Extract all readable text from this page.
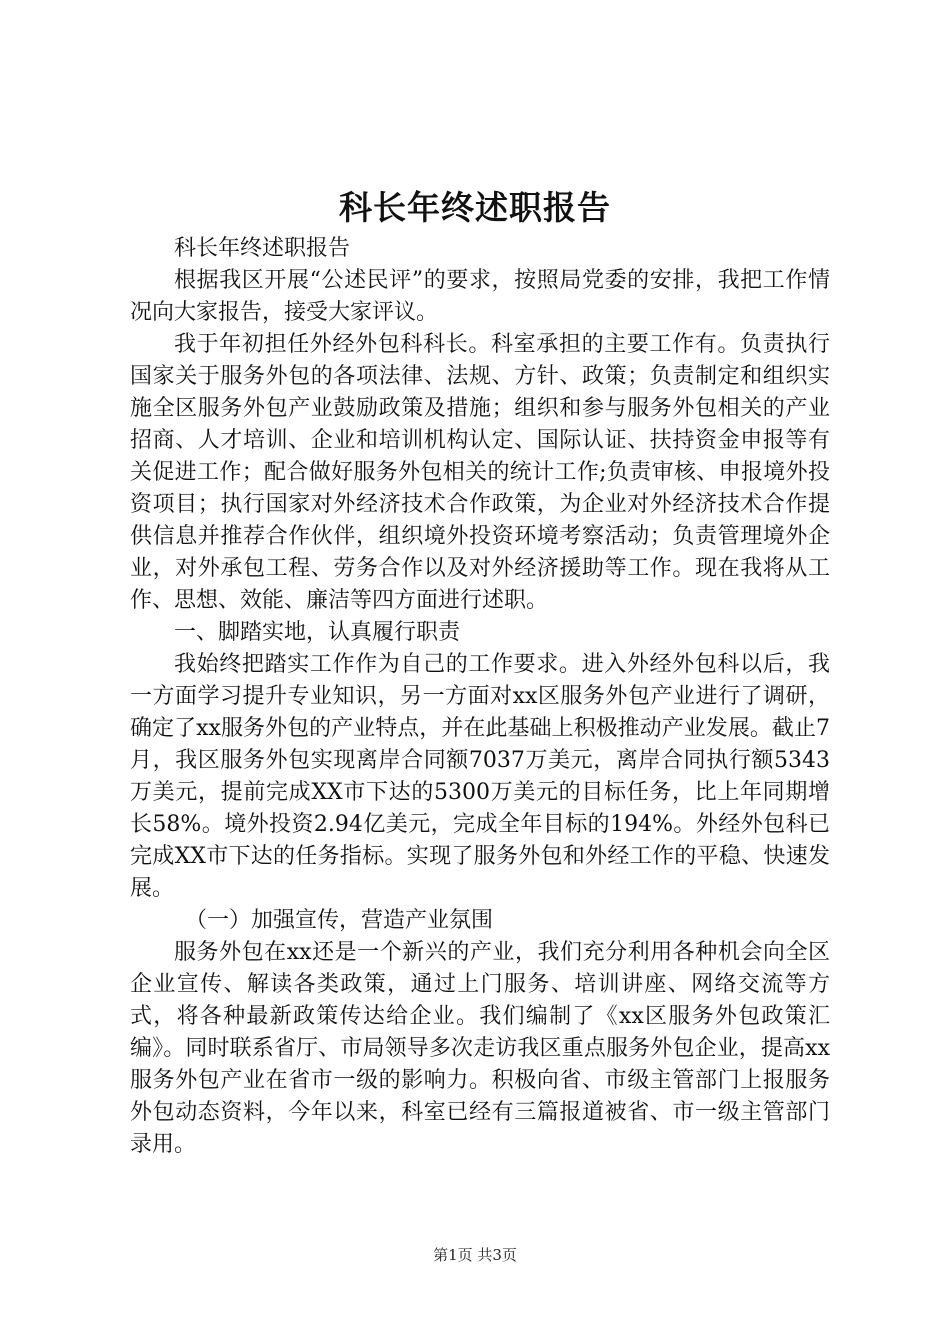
科长年终述职报告

科长年终述职报告

根据我区开展“公述民评”的要求，按照局党委的安排，我把工作情况向大家报告，接受大家评议。

我于年初担任外经外包科科长。科室承担的主要工作有。负责执行国家关于服务外包的各项法律、法规、方针、政策；负责制定和组织实施全区服务外包产业鼓励政策及措施；组织和参与服务外包相关的产业招商、人才培训、企业和培训机构认定、国际认证、扶持资金申报等有关促进工作；配合做好服务外包相关的统计工作;负责审核、申报境外投资项目；执行国家对外经济技术合作政策，为企业对外经济技术合作提供信息并推荐合作伙伴，组织境外投资环境考察活动；负责管理境外企业，对外承包工程、劳务合作以及对外经济援助等工作。现在我将从工作、思想、效能、廉洁等四方面进行述职。

一、脚踏实地，认真履行职责

我始终把踏实工作作为自己的工作要求。进入外经外包科以后，我一方面学习提升专业知识，另一方面对xx区服务外包产业进行了调研，确定了xx服务外包的产业特点，并在此基础上积极推动产业发展。截止7月，我区服务外包实现离岸合同额7037万美元，离岸合同执行额5343万美元，提前完成XX市下达的5300万美元的目标任务，比上年同期增长58%。境外投资2.94亿美元，完成全年目标的194%。外经外包科已完成XX市下达的任务指标。实现了服务外包和外经工作的平稳、快速发展。

（一）加强宣传，营造产业氛围

服务外包在xx还是一个新兴的产业，我们充分利用各种机会向全区企业宣传、解读各类政策，通过上门服务、培训讲座、网络交流等方式，将各种最新政策传达给企业。我们编制了《xx区服务外包政策汇编》。同时联系省厅、市局领导多次走访我区重点服务外包企业，提高xx服务外包产业在省市一级的影响力。积极向省、市级主管部门上报服务外包动态资料，今年以来，科室已经有三篇报道被省、市一级主管部门录用。

第1页 共3页
